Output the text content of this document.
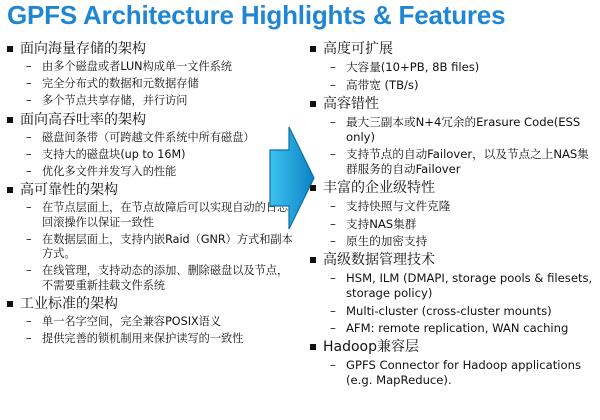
GPFS Architecture Highlights & Features
面向海量存储的架构
– 由多个磁盘或者LUN构成单一文件系统
– 完全分布式的数据和元数据存储
– 多个节点共享存储，并行访问
面向高吞吐率的架构
– 磁盘间条带（可跨越文件系统中所有磁盘）
– 支持大的磁盘块(up to 16M)
– 优化多文件并发写入的性能
高可靠性的架构
– 在节点层面上，在节点故障后可以实现自动的日志回滚操作以保证一致性
– 在数据层面上，支持内嵌Raid（GNR）方式和副本方式。
– 在线管理，支持动态的添加、删除磁盘以及节点，不需要重新挂载文件系统
工业标准的架构
– 单一名字空间，完全兼容POSIX语义
– 提供完善的锁机制用来保护读写的一致性
高度可扩展
– 大容量(10+PB, 8B files)
– 高带宽 (TB/s)
高容错性
– 最大三副本或N+4冗余的Erasure Code(ESS only)
– 支持节点的自动Failover，以及节点之上NAS集群服务的自动Failover
丰富的企业级特性
– 支持快照与文件克隆
– 支持NAS集群
– 原生的加密支持
高级数据管理技术
– HSM, ILM (DMAPI, storage pools & filesets, storage policy)
– Multi-cluster (cross-cluster mounts)
– AFM: remote replication, WAN caching
Hadoop兼容层
– GPFS Connector for Hadoop applications (e.g. MapReduce).
